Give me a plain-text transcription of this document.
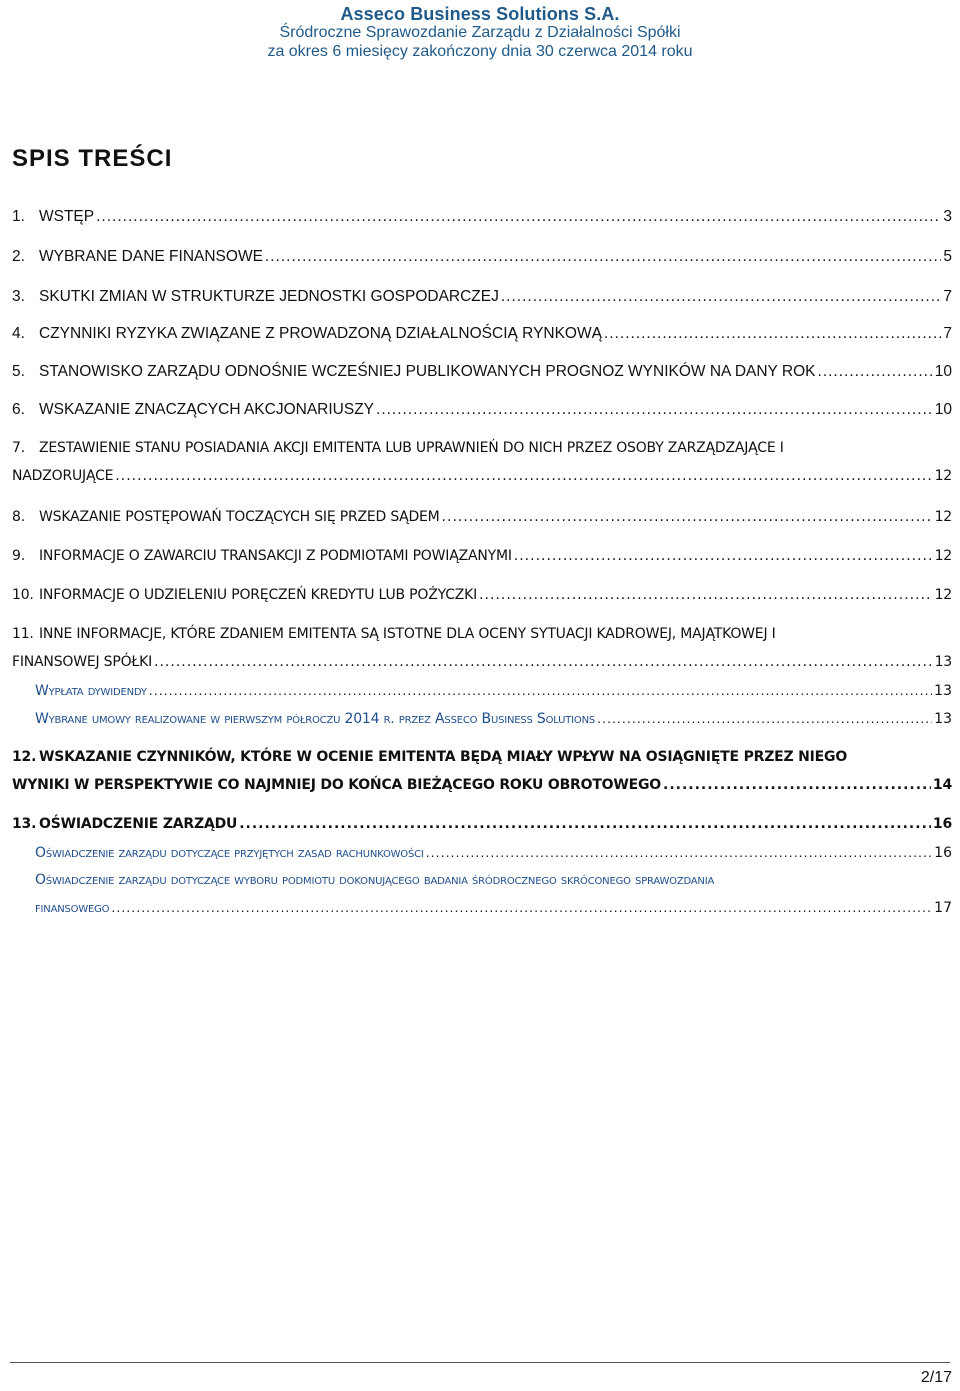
Asseco Business Solutions S.A.
Śródroczne Sprawozdanie Zarządu z Działalności Spółki
za okres 6 miesięcy zakończony dnia 30 czerwca 2014 roku
SPIS TREŚCI
1. WSTĘP .....	3
2. WYBRANE DANE FINANSOWE .....	5
3. SKUTKI ZMIAN W STRUKTURZE JEDNOSTKI GOSPODARCZEJ .....	7
4. CZYNNIKI RYZYKA ZWIĄZANE Z PROWADZONĄ DZIAŁALNOŚCIĄ RYNKOWĄ .....	7
5. STANOWISKO ZARZĄDU ODNOŚNIE WCZEŚNIEJ PUBLIKOWANYCH PROGNOZ WYNIKÓW NA DANY ROK .....	10
6. WSKAZANIE ZNACZĄCYCH AKCJONARIUSZY .....	10
7.	ZESTAWIENIE STANU POSIADANIA AKCJI EMITENTA LUB UPRAWNIEŃ DO NICH PRZEZ OSOBY ZARZĄDZAJĄCE I
NADZORUJĄCE .....	12
8.	WSKAZANIE POSTĘPOWAŃ TOCZĄCYCH SIĘ PRZED SĄDEM .....	12
9.	INFORMACJE O ZAWARCIU TRANSAKCJI Z PODMIOTAMI POWIĄZANYMI .....	12
10. INFORMACJE O UDZIELENIU PORĘCZEŃ KREDYTU LUB POŻYCZKI .....	12
11. INNE INFORMACJE, KTÓRE ZDANIEM EMITENTA SĄ ISTOTNE DLA OCENY SYTUACJI KADROWEJ, MAJĄTKOWEJ I
FINANSOWEJ SPÓŁKI .....	13
Wypłata dywidendy .....	13
Wybrane umowy realizowane w pierwszym półroczu 2014 r. przez Asseco Business Solutions .....	13
12. WSKAZANIE CZYNNIKÓW, KTÓRE W OCENIE EMITENTA BĘDĄ MIAŁY WPŁYW NA OSIĄGNIĘTE PRZEZ NIEGO
WYNIKI W PERSPEKTYWIE CO NAJMNIEJ DO KOŃCA BIEŻĄCEGO ROKU OBROTOWEGO .....	14
13. OŚWIADCZENIE ZARZĄDU .....	16
Oświadczenie zarządu dotyczące przyjętych zasad rachunkowości .....	16
Oświadczenie zarządu dotyczące wyboru podmiotu dokonującego badania śródrocznego skróconego sprawozdania
finansowego .....	17
2/17
